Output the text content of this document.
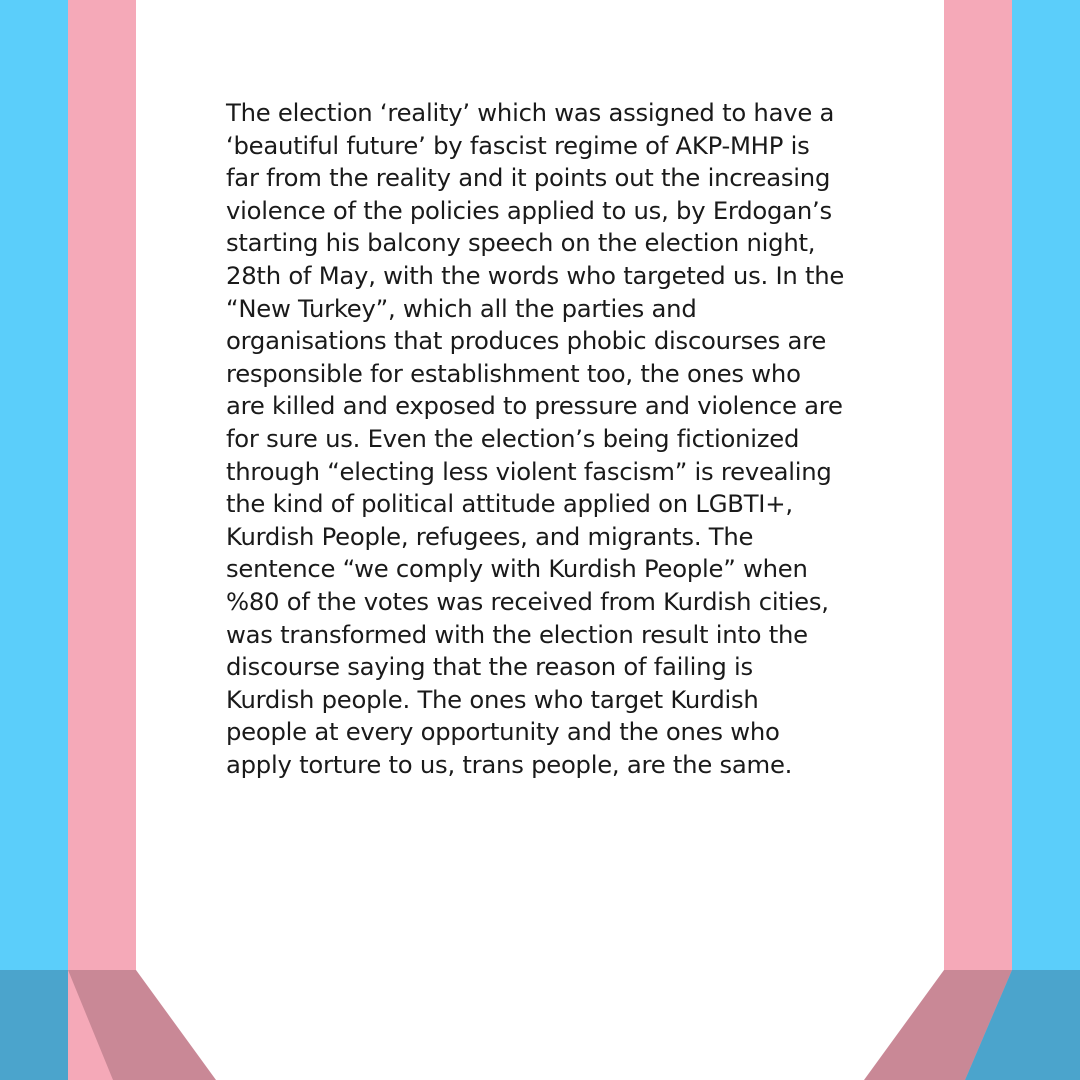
The election ‘reality’ which was assigned to have a
‘beautiful future’ by fascist regime of AKP-MHP is
far from the reality and it points out the increasing
violence of the policies applied to us, by Erdogan’s
starting his balcony speech on the election night,
28th of May, with the words who targeted us. In the
“New Turkey”, which all the parties and
organisations that produces phobic discourses are
responsible for establishment too, the ones who
are killed and exposed to pressure and violence are
for sure us. Even the election’s being fictionized
through “electing less violent fascism” is revealing
the kind of political attitude applied on LGBTI+,
Kurdish People, refugees, and migrants. The
sentence “we comply with Kurdish People” when
%80 of the votes was received from Kurdish cities,
was transformed with the election result into the
discourse saying that the reason of failing is
Kurdish people. The ones who target Kurdish
people at every opportunity and the ones who
apply torture to us, trans people, are the same.
